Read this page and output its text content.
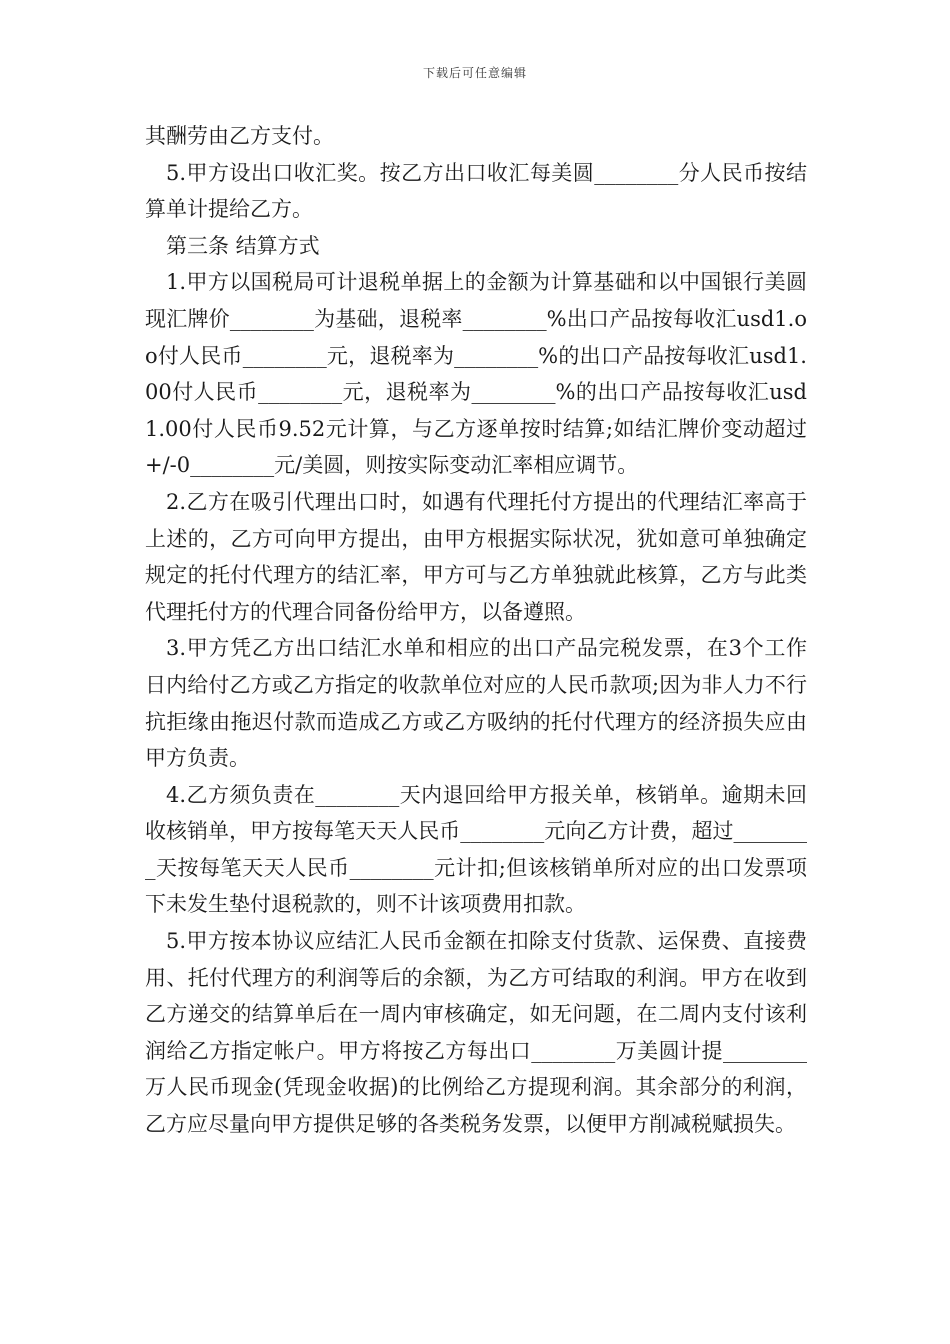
下载后可任意编辑

其酬劳由乙方支付。

5.甲方设出口收汇奖。按乙方出口收汇每美圆________分人民币按结算单计提给乙方。

第三条 结算方式

1.甲方以国税局可计退税单据上的金额为计算基础和以中国银行美圆现汇牌价________为基础，退税率________%出口产品按每收汇usd1.oo付人民币________元，退税率为________%的出口产品按每收汇usd1.00付人民币________元，退税率为________%的出口产品按每收汇usd1.00付人民币9.52元计算，与乙方逐单按时结算;如结汇牌价变动超过+/-0________元/美圆，则按实际变动汇率相应调节。

2.乙方在吸引代理出口时，如遇有代理托付方提出的代理结汇率高于上述的，乙方可向甲方提出，由甲方根据实际状况，犹如意可单独确定规定的托付代理方的结汇率，甲方可与乙方单独就此核算，乙方与此类代理托付方的代理合同备份给甲方，以备遵照。

3.甲方凭乙方出口结汇水单和相应的出口产品完税发票，在3个工作日内给付乙方或乙方指定的收款单位对应的人民币款项;因为非人力不行抗拒缘由拖迟付款而造成乙方或乙方吸纳的托付代理方的经济损失应由甲方负责。

4.乙方须负责在________天内退回给甲方报关单，核销单。逾期未回收核销单，甲方按每笔天天人民币________元向乙方计费，超过________天按每笔天天人民币________元计扣;但该核销单所对应的出口发票项下未发生垫付退税款的，则不计该项费用扣款。

5.甲方按本协议应结汇人民币金额在扣除支付货款、运保费、直接费用、托付代理方的利润等后的余额，为乙方可结取的利润。甲方在收到乙方递交的结算单后在一周内审核确定，如无问题，在二周内支付该利润给乙方指定帐户。甲方将按乙方每出口________万美圆计提________万人民币现金(凭现金收据)的比例给乙方提现利润。其余部分的利润，乙方应尽量向甲方提供足够的各类税务发票，以便甲方削减税赋损失。
